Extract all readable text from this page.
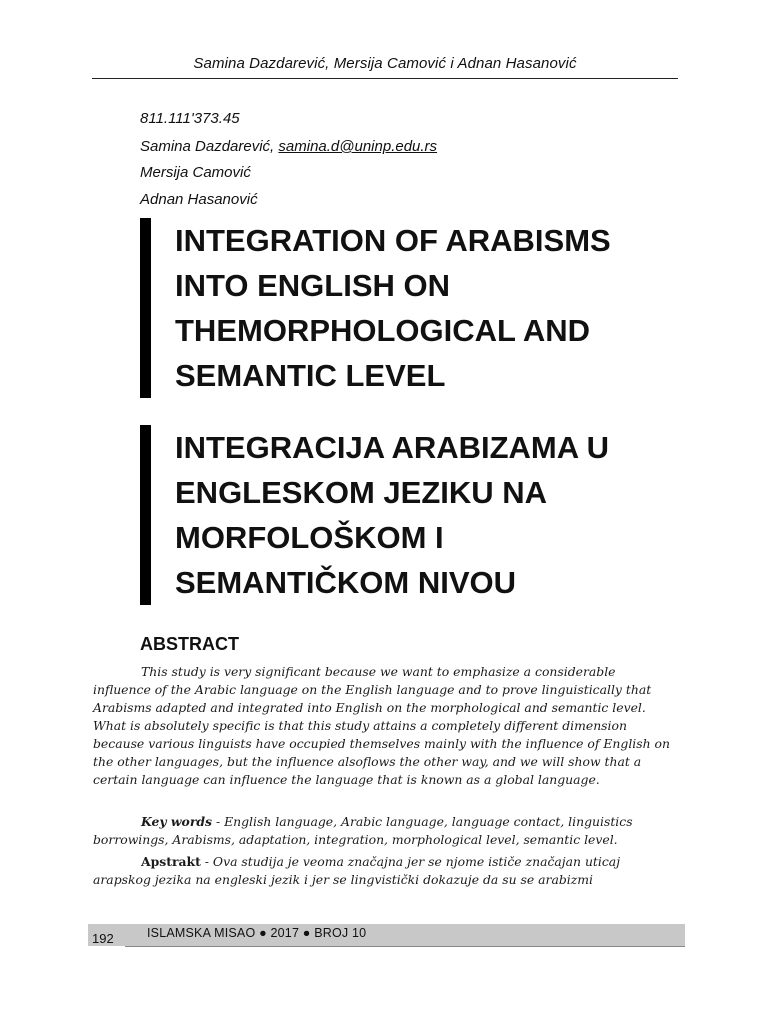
Samina Dazdarević, Mersija Camović i Adnan Hasanović
811.111'373.45
Samina Dazdarević, samina.d@uninp.edu.rs
Mersija Camović
Adnan Hasanović
INTEGRATION OF ARABISMS
INTO ENGLISH ON
THEMORPHOLOGICAL AND
SEMANTIC LEVEL
INTEGRACIJA ARABIZAMA U
ENGLESKOM JEZIKU NA
MORFOLOŠKOM I
SEMANTIČKOM NIVOU
ABSTRACT
This study is very significant because we want to emphasize a considerable influence of the Arabic language on the English language and to prove linguistically that Arabisms adapted and integrated into English on the morphological and semantic level. What is absolutely specific is that this study attains a completely different dimension because various linguists have occupied themselves mainly with the influence of English on the other languages, but the influence alsoflows the other way, and we will show that a certain language can influence the language that is known as a global language.
Key words - English language, Arabic language, language contact, linguistics borrowings, Arabisms, adaptation, integration, morphological level, semantic level.
Apstrakt - Ova studija je veoma značajna jer se njome ističe značajan uticaj arapskog jezika na engleski jezik i jer se lingvistički dokazuje da su se arabizmi
192	ISLAMSKA MISAO ● 2017 ● BROJ 10
